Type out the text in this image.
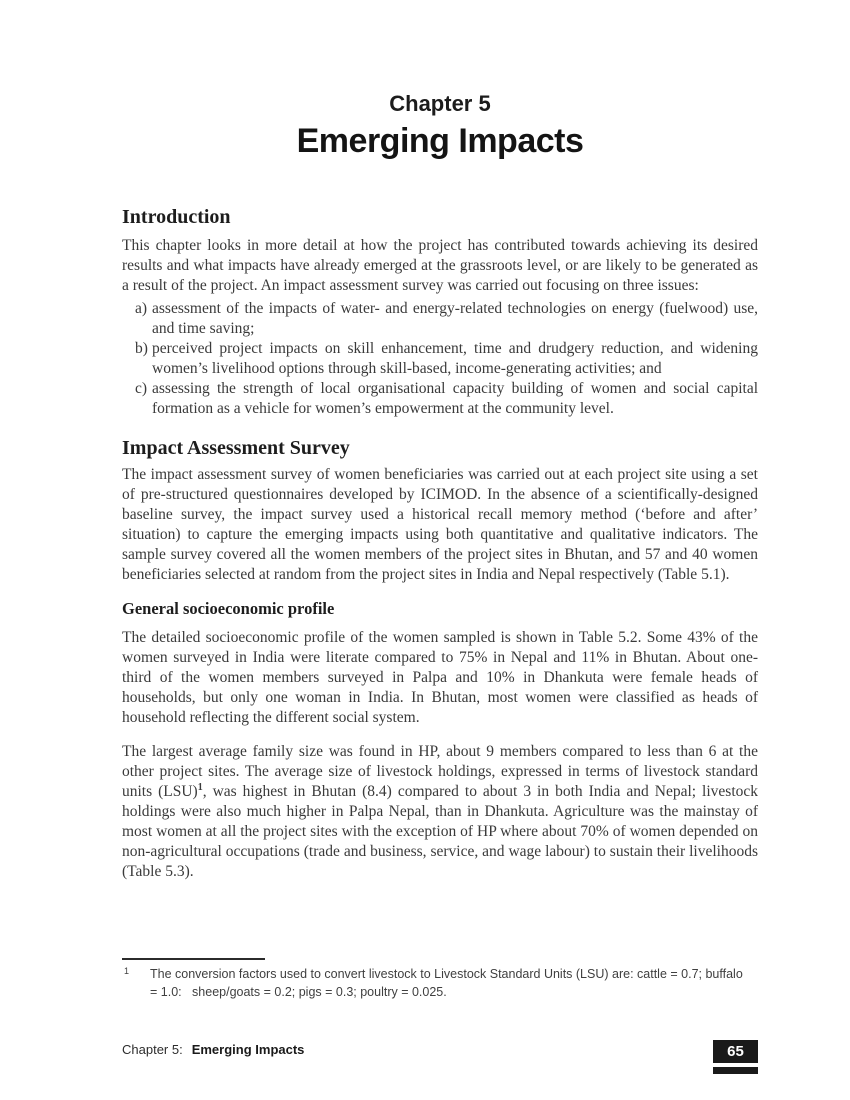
Chapter 5
Emerging Impacts
Introduction

This chapter looks in more detail at how the project has contributed towards achieving its desired results and what impacts have already emerged at the grassroots level, or are likely to be generated as a result of the project. An impact assessment survey was carried out focusing on three issues:

a) assessment of the impacts of water- and energy-related technologies on energy (fuelwood) use, and time saving;
b) perceived project impacts on skill enhancement, time and drudgery reduction, and widening women’s livelihood options through skill-based, income-generating activities; and
c) assessing the strength of local organisational capacity building of women and social capital formation as a vehicle for women’s empowerment at the community level.
Impact Assessment Survey

The impact assessment survey of women beneficiaries was carried out at each project site using a set of pre-structured questionnaires developed by ICIMOD. In the absence of a scientifically-designed baseline survey, the impact survey used a historical recall memory method (‘before and after’ situation) to capture the emerging impacts using both quantitative and qualitative indicators. The sample survey covered all the women members of the project sites in Bhutan, and 57 and 40 women beneficiaries selected at random from the project sites in India and Nepal respectively (Table 5.1).

General socioeconomic profile

The detailed socioeconomic profile of the women sampled is shown in Table 5.2. Some 43% of the women surveyed in India were literate compared to 75% in Nepal and 11% in Bhutan. About one-third of the women members surveyed in Palpa and 10% in Dhankuta were female heads of households, but only one woman in India. In Bhutan, most women were classified as heads of household reflecting the different social system.

The largest average family size was found in HP, about 9 members compared to less than 6 at the other project sites. The average size of livestock holdings, expressed in terms of livestock standard units (LSU)$^1$, was highest in Bhutan (8.4) compared to about 3 in both India and Nepal; livestock holdings were also much higher in Palpa Nepal, than in Dhankuta. Agriculture was the mainstay of most women at all the project sites with the exception of HP where about 70% of women depended on non-agricultural occupations (trade and business, service, and wage labour) to sustain their livelihoods (Table 5.3).

1	The conversion factors used to convert livestock to Livestock Standard Units (LSU) are: cattle = 0.7; buffalo
= 1.0:   sheep/goats = 0.2; pigs = 0.3; poultry = 0.025.
Chapter 5: Emerging Impacts	65
